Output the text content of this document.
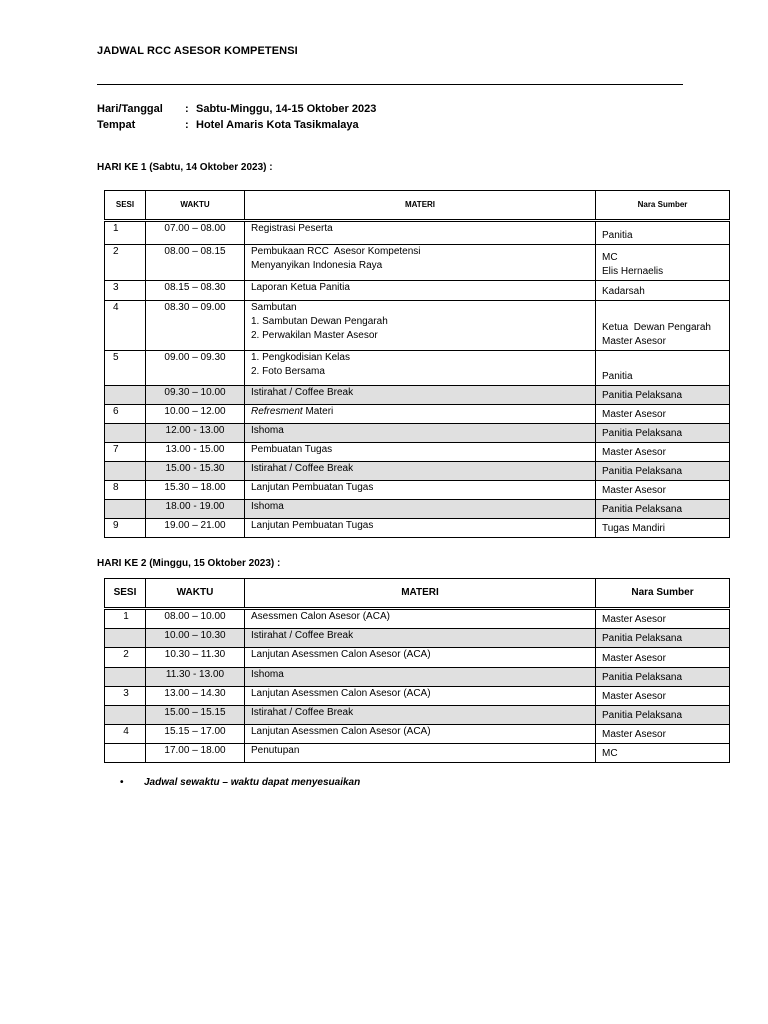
JADWAL RCC ASESOR KOMPETENSI
Hari/Tanggal : Sabtu-Minggu, 14-15 Oktober 2023
Tempat	: Hotel Amaris Kota Tasikmalaya
HARI KE 1 (Sabtu, 14 Oktober 2023) :
SESI	WAKTU	MATERI	Nara Sumber
1	07.00 – 08.00	Registrasi Peserta	Panitia

2	08.00 – 08.15	Pembukaan RCC  Asesor Kompetensi
Menyanyikan Indonesia Raya	MC
Elis Hernaelis

3	08.15 – 08.30	Laporan Ketua Panitia	Kadarsah

4	08.30 – 09.00	Sambutan
1. Sambutan Dewan Pengarah
2. Perwakilan Master Asesor	Ketua  Dewan Pengarah
Master Asesor

5	09.00 – 09.30	1. Pengkodisian Kelas
2. Foto Bersama	Panitia

	09.30 – 10.00	Istirahat / Coffee Break	Panitia Pelaksana

6	10.00 – 12.00	Refresment Materi	Master Asesor

	12.00 - 13.00	Ishoma	Panitia Pelaksana

7	13.00 - 15.00	Pembuatan Tugas	Master Asesor

	15.00 - 15.30	Istirahat / Coffee Break	Panitia Pelaksana

8	15.30 – 18.00	Lanjutan Pembuatan Tugas	Master Asesor

	18.00 - 19.00	Ishoma	Panitia Pelaksana

9	19.00 – 21.00	Lanjutan Pembuatan Tugas	Tugas Mandiri
HARI KE 2 (Minggu, 15 Oktober 2023) :
SESI	WAKTU	MATERI	Nara Sumber
1	08.00 – 10.00	Asessmen Calon Asesor (ACA)	Master Asesor

	10.00 – 10.30	Istirahat / Coffee Break	Panitia Pelaksana

2	10.30 – 11.30	Lanjutan Asessmen Calon Asesor (ACA)	Master Asesor

	11.30 - 13.00	Ishoma	Panitia Pelaksana

3	13.00 – 14.30	Lanjutan Asessmen Calon Asesor (ACA)	Master Asesor

	15.00 – 15.15	Istirahat / Coffee Break	Panitia Pelaksana

4	15.15 – 17.00	Lanjutan Asessmen Calon Asesor (ACA)	Master Asesor

	17.00 – 18.00	Penutupan	MC
• Jadwal sewaktu – waktu dapat menyesuaikan
